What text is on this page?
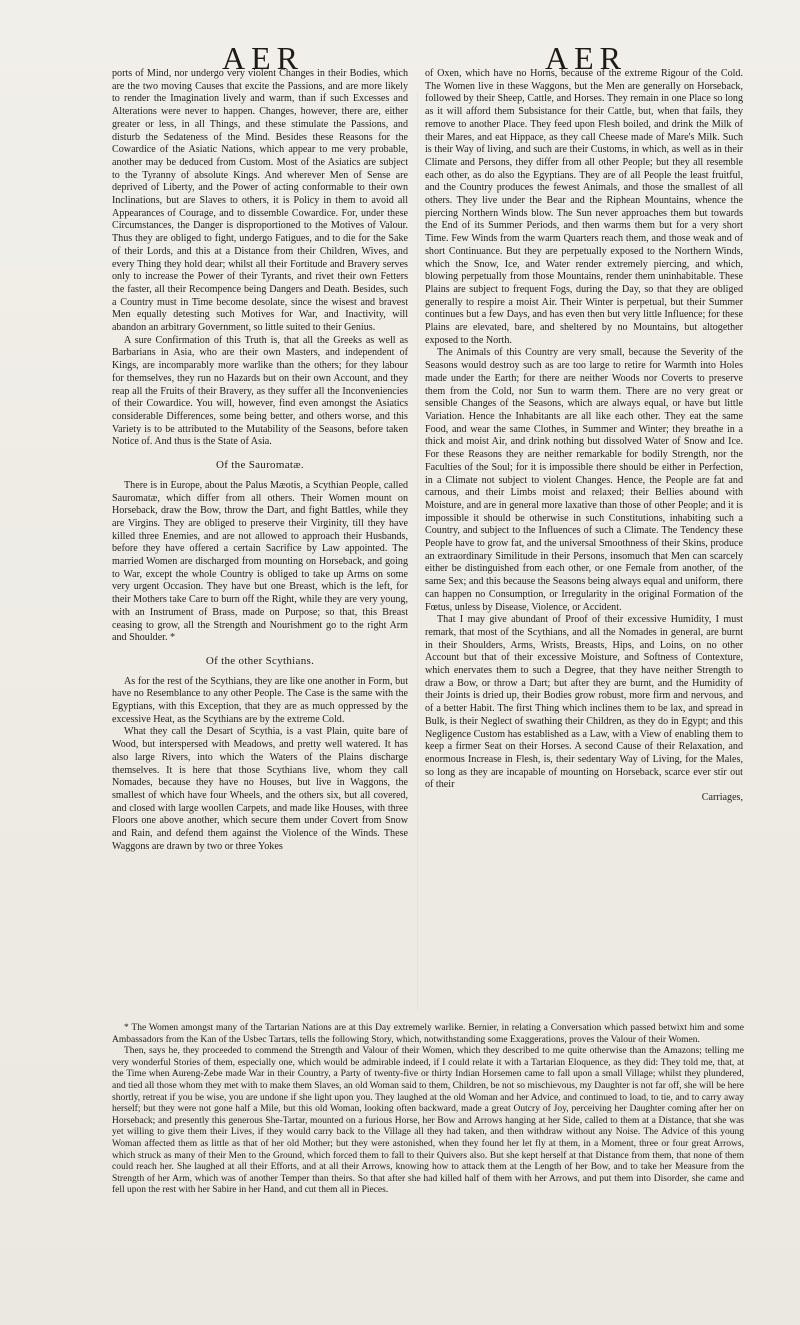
AER	AER

ports of Mind, nor undergo very violent Changes in their Bodies, which are the two moving Causes that excite the Passions, and are more likely to render the Imagination lively and warm, than if such Excesses and Alterations were never to happen. Changes, however, there are, either greater or less, in all Things, and these stimulate the Passions, and disturb the Sedateness of the Mind. Besides these Reasons for the Cowardice of the Asiatic Nations, which appear to me very probable, another may be deduced from Custom. Most of the Asiatics are subject to the Tyranny of absolute Kings. And wherever Men of Sense are deprived of Liberty, and the Power of acting conformable to their own Inclinations, but are Slaves to others, it is Policy in them to avoid all Appearances of Courage, and to dissemble Cowardice. For, under these Circumstances, the Danger is disproportioned to the Motives of Valour. Thus they are obliged to fight, undergo Fatigues, and to die for the Sake of their Lords, and this at a Distance from their Children, Wives, and every Thing they hold dear; whilst all their Fortitude and Bravery serves only to increase the Power of their Tyrants, and rivet their own Fetters the faster, all their Recompence being Dangers and Death. Besides, such a Country must in Time become desolate, since the wisest and bravest Men equally detesting such Motives for War, and Inactivity, will abandon an arbitrary Government, so little suited to their Genius.

A sure Confirmation of this Truth is, that all the Greeks as well as Barbarians in Asia, who are their own Masters, and independent of Kings, are incomparably more warlike than the others; for they labour for themselves, they run no Hazards but on their own Account, and they reap all the Fruits of their Bravery, as they suffer all the Inconveniencies of their Cowardice. You will, however, find even amongst the Asiatics considerable Differences, some being better, and others worse, and this Variety is to be attributed to the Mutability of the Seasons, before taken Notice of. And thus is the State of Asia.

Of the Sauromatæ.

There is in Europe, about the Palus Mæotis, a Scythian People, called Sauromatæ, which differ from all others. Their Women mount on Horseback, draw the Bow, throw the Dart, and fight Battles, while they are Virgins. They are obliged to preserve their Virginity, till they have killed three Enemies, and are not allowed to approach their Husbands, before they have offered a certain Sacrifice by Law appointed. The married Women are discharged from mounting on Horseback, and going to War, except the whole Country is obliged to take up Arms on some very urgent Occasion. They have but one Breast, which is the left, for their Mothers take Care to burn off the Right, while they are very young, with an Instrument of Brass, made on Purpose; so that, this Breast ceasing to grow, all the Strength and Nourishment go to the right Arm and Shoulder. *

Of the other Scythians.

As for the rest of the Scythians, they are like one another in Form, but have no Resemblance to any other People. The Case is the same with the Egyptians, with this Exception, that they are as much oppressed by the excessive Heat, as the Scythians are by the extreme Cold.

What they call the Desart of Scythia, is a vast Plain, quite bare of Wood, but interspersed with Meadows, and pretty well watered. It has also large Rivers, into which the Waters of the Plains discharge themselves. It is here that those Scythians live, whom they call Nomades, because they have no Houses, but live in Waggons, the smallest of which have four Wheels, and the others six, but all covered, and closed with large woollen Carpets, and made like Houses, with three Floors one above another, which secure them under Covert from Snow and Rain, and defend them against the Violence of the Winds. These Waggons are drawn by two or three Yokes

of Oxen, which have no Horns, because of the extreme Rigour of the Cold. The Women live in these Waggons, but the Men are generally on Horseback, followed by their Sheep, Cattle, and Horses. They remain in one Place so long as it will afford them Subsistance for their Cattle, but, when that fails, they remove to another Place. They feed upon Flesh boiled, and drink the Milk of their Mares, and eat Hippace, as they call Cheese made of Mare's Milk. Such is their Way of living, and such are their Customs, in which, as well as in their Climate and Persons, they differ from all other People; but they all resemble each other, as do also the Egyptians. They are of all People the least fruitful, and the Country produces the fewest Animals, and those the smallest of all others. They live under the Bear and the Riphean Mountains, whence the piercing Northern Winds blow. The Sun never approaches them but towards the End of its Summer Periods, and then warms them but for a very short Time. Few Winds from the warm Quarters reach them, and those weak and of short Continuance. But they are perpetually exposed to the Northern Winds, which the Snow, Ice, and Water render extremely piercing, and which, blowing perpetually from those Mountains, render them uninhabitable. These Plains are subject to frequent Fogs, during the Day, so that they are obliged generally to respire a moist Air. Their Winter is perpetual, but their Summer continues but a few Days, and has even then but very little Influence; for these Plains are elevated, bare, and sheltered by no Mountains, but altogether exposed to the North.

The Animals of this Country are very small, because the Severity of the Seasons would destroy such as are too large to retire for Warmth into Holes made under the Earth; for there are neither Woods nor Coverts to preserve them from the Cold, nor Sun to warm them. There are no very great or sensible Changes of the Seasons, which are always equal, or have but little Variation. Hence the Inhabitants are all like each other. They eat the same Food, and wear the same Clothes, in Summer and Winter; they breathe in a thick and moist Air, and drink nothing but dissolved Water of Snow and Ice. For these Reasons they are neither remarkable for bodily Strength, nor the Faculties of the Soul; for it is impossible there should be either in Perfection, in a Climate not subject to violent Changes. Hence, the People are fat and carnous, and their Limbs moist and relaxed; their Bellies abound with Moisture, and are in general more laxative than those of other People; and it is impossible it should be otherwise in such Constitutions, inhabiting such a Country, and subject to the Influences of such a Climate. The Tendency these People have to grow fat, and the universal Smoothness of their Skins, produce an extraordinary Similitude in their Persons, insomuch that Men can scarcely either be distinguished from each other, or one Female from another, of the same Sex; and this because the Seasons being always equal and uniform, there can happen no Consumption, or Irregularity in the original Formation of the Fœtus, unless by Disease, Violence, or Accident.

That I may give abundant of Proof of their excessive Humidity, I must remark, that most of the Scythians, and all the Nomades in general, are burnt in their Shoulders, Arms, Wrists, Breasts, Hips, and Loins, on no other Account but that of their excessive Moisture, and Softness of Contexture, which enervates them to such a Degree, that they have neither Strength to draw a Bow, or throw a Dart; but after they are burnt, and the Humidity of their Joints is dried up, their Bodies grow robust, more firm and nervous, and of a better Habit. The first Thing which inclines them to be lax, and spread in Bulk, is their Neglect of swathing their Children, as they do in Egypt; and this Negligence Custom has established as a Law, with a View of enabling them to keep a firmer Seat on their Horses. A second Cause of their Relaxation, and enormous Increase in Flesh, is, their sedentary Way of Living, for the Males, so long as they are incapable of mounting on Horseback, scarce ever stir out of their

Carriages,

* The Women amongst many of the Tartarian Nations are at this Day extremely warlike. Bernier, in relating a Conversation which passed betwixt him and some Ambassadors from the Kan of the Usbec Tartars, tells the following Story, which, notwithstanding some Exaggerations, proves the Valour of their Women.

Then, says he, they proceeded to commend the Strength and Valour of their Women, which they described to me quite otherwise than the Amazons; telling me very wonderful Stories of them, especially one, which would be admirable indeed, if I could relate it with a Tartarian Eloquence, as they did: They told me, that, at the Time when Aureng-Zebe made War in their Country, a Party of twenty-five or thirty Indian Horsemen came to fall upon a small Village; whilst they plundered, and tied all those whom they met with to make them Slaves, an old Woman said to them, Children, be not so mischievous, my Daughter is not far off, she will be here shortly, retreat if you be wise, you are undone if she light upon you. They laughed at the old Woman and her Advice, and continued to load, to tie, and to carry away herself; but they were not gone half a Mile, but this old Woman, looking often backward, made a great Outcry of Joy, perceiving her Daughter coming after her on Horseback; and presently this generous She-Tartar, mounted on a furious Horse, her Bow and Arrows hanging at her Side, called to them at a Distance, that she was yet willing to give them their Lives, if they would carry back to the Village all they had taken, and then withdraw without any Noise. The Advice of this young Woman affected them as little as that of her old Mother; but they were astonished, when they found her let fly at them, in a Moment, three or four great Arrows, which struck as many of their Men to the Ground, which forced them to fall to their Quivers also. But she kept herself at that Distance from them, that none of them could reach her. She laughed at all their Efforts, and at all their Arrows, knowing how to attack them at the Length of her Bow, and to take her Measure from the Strength of her Arm, which was of another Temper than theirs. So that after she had killed half of them with her Arrows, and put them into Disorder, she came and fell upon the rest with her Sabire in her Hand, and cut them all in Pieces.
